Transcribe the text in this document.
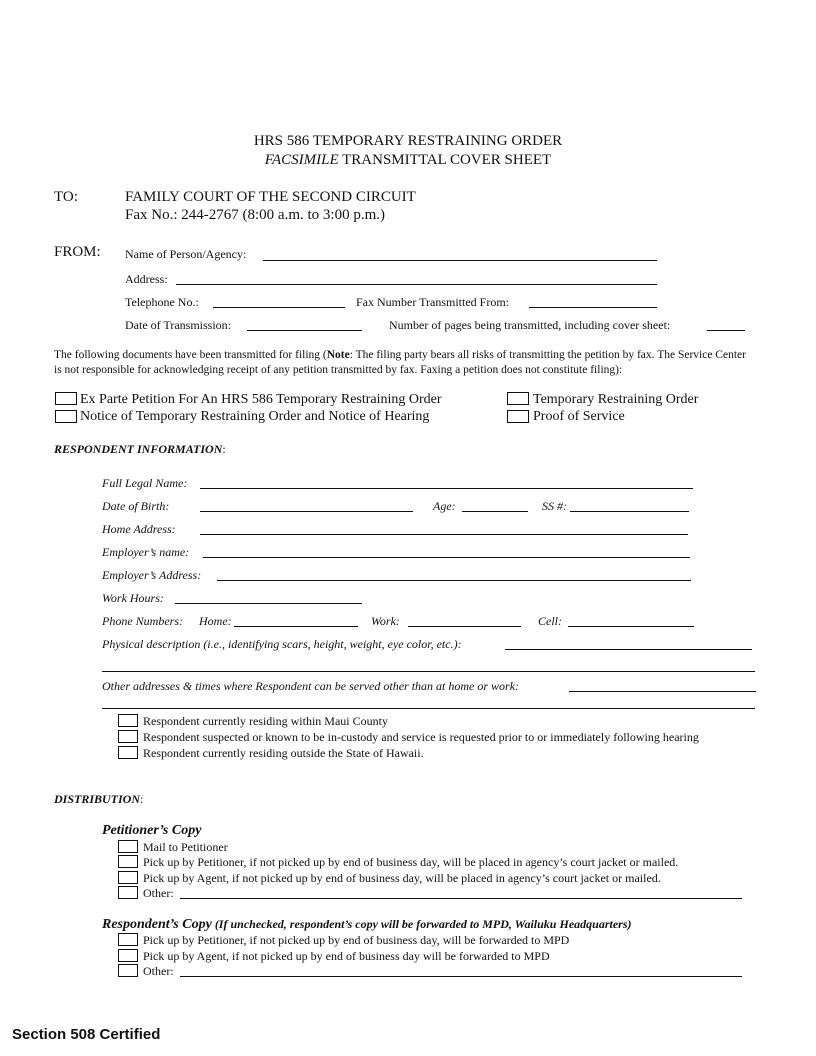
HRS 586 TEMPORARY RESTRAINING ORDER
FACSIMILE TRANSMITTAL COVER SHEET
TO:	FAMILY COURT OF THE SECOND CIRCUIT
Fax No.: 244-2767 (8:00 a.m. to 3:00 p.m.)
FROM: Name of Person/Agency:
Address:
Telephone No.:	Fax Number Transmitted From:
Date of Transmission:	Number of pages being transmitted, including cover sheet:
The following documents have been transmitted for filing (Note: The filing party bears all risks of transmitting the petition by fax. The Service Center is not responsible for acknowledging receipt of any petition transmitted by fax. Faxing a petition does not constitute filing):
Ex Parte Petition For An HRS 586 Temporary Restraining Order
Notice of Temporary Restraining Order and Notice of Hearing
Temporary Restraining Order
Proof of Service
RESPONDENT INFORMATION:
Full Legal Name:
Date of Birth:	Age:	SS #:
Home Address:
Employer’s name:
Employer’s Address:
Work Hours:
Phone Numbers: Home:	Work:	Cell:
Physical description (i.e., identifying scars, height, weight, eye color, etc.):
Other addresses & times where Respondent can be served other than at home or work:
Respondent currently residing within Maui County
Respondent suspected or known to be in-custody and service is requested prior to or immediately following hearing
Respondent currently residing outside the State of Hawaii.
DISTRIBUTION:
Petitioner’s Copy
Mail to Petitioner
Pick up by Petitioner, if not picked up by end of business day, will be placed in agency’s court jacket or mailed.
Pick up by Agent, if not picked up by end of business day, will be placed in agency’s court jacket or mailed.
Other:
Respondent’s Copy (If unchecked, respondent’s copy will be forwarded to MPD, Wailuku Headquarters)
Pick up by Petitioner, if not picked up by end of business day, will be forwarded to MPD
Pick up by Agent, if not picked up by end of business day will be forwarded to MPD
Other:
Section 508 Certified
